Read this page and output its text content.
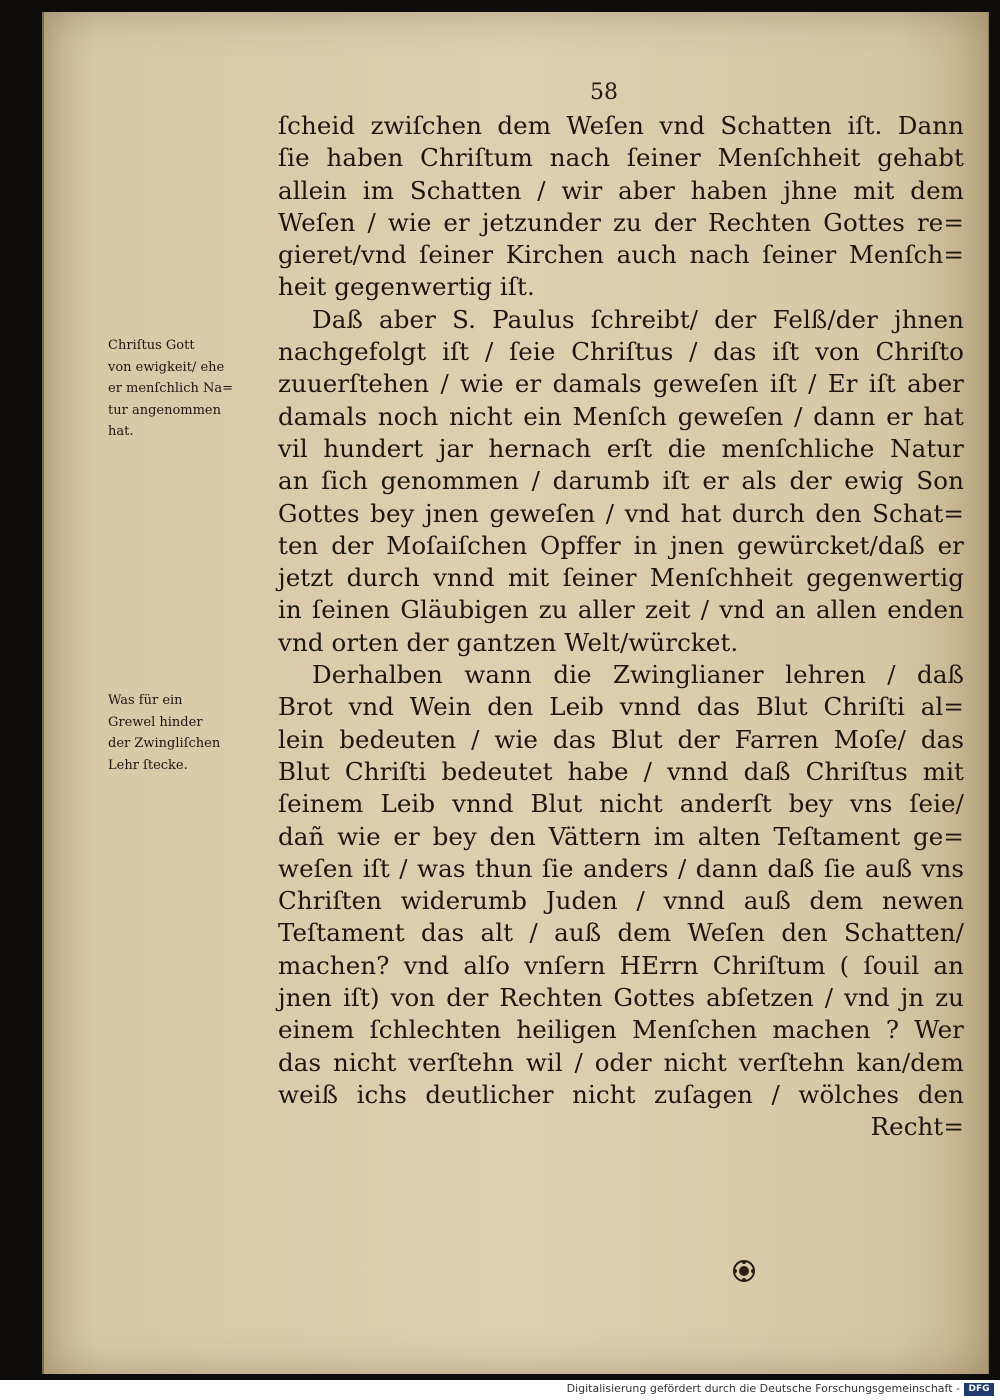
58
Chriſtus Gott
von ewigkeit/ ehe
er menſchlich Na=
tur angenommen
hat.
Was für ein
Grewel hinder
der Zwingliſchen
Lehr ſtecke.
ſcheid zwiſchen dem Weſen vnd Schatten iſt. Dann
ſie haben Chriſtum nach ſeiner Menſchheit gehabt
allein im Schatten / wir aber haben jhne mit dem
Weſen / wie er jetzunder zu der Rechten Gottes re=
gieret/vnd ſeiner Kirchen auch nach ſeiner Menſch=
heit gegenwertig iſt.
Daß aber S. Paulus ſchreibt/ der Felß/der jhnen
nachgefolgt iſt / ſeie Chriſtus / das iſt von Chriſto
zuuerſtehen / wie er damals geweſen iſt / Er iſt aber
damals noch nicht ein Menſch geweſen / dann er hat
vil hundert jar hernach erſt die menſchliche Natur
an ſich genommen / darumb iſt er als der ewig Son
Gottes bey jnen geweſen / vnd hat durch den Schat=
ten der Moſaiſchen Opffer in jnen gewürcket/daß er
jetzt durch vnnd mit ſeiner Menſchheit gegenwertig
in ſeinen Gläubigen zu aller zeit / vnd an allen enden
vnd orten der gantzen Welt/würcket.
Derhalben wann die Zwinglianer lehren / daß
Brot vnd Wein den Leib vnnd das Blut Chriſti al=
lein bedeuten / wie das Blut der Farren Moſe/ das
Blut Chriſti bedeutet habe / vnnd daß Chriſtus mit
ſeinem Leib vnnd Blut nicht anderſt bey vns ſeie/
dañ wie er bey den Vättern im alten Teſtament ge=
weſen iſt / was thun ſie anders / dann daß ſie auß vns
Chriſten widerumb Juden / vnnd auß dem newen
Teſtament das alt / auß dem Weſen den Schatten/
machen? vnd alſo vnſern HErrn Chriſtum ( ſouil an
jnen iſt) von der Rechten Gottes abſetzen / vnd jn zu
einem ſchlechten heiligen Menſchen machen ? Wer
das nicht verſtehn wil / oder nicht verſtehn kan/dem
weiß ichs deutlicher nicht zuſagen / wölches den
Recht=
Digitalisierung gefördert durch die Deutsche Forschungsgemeinschaft - DFG
